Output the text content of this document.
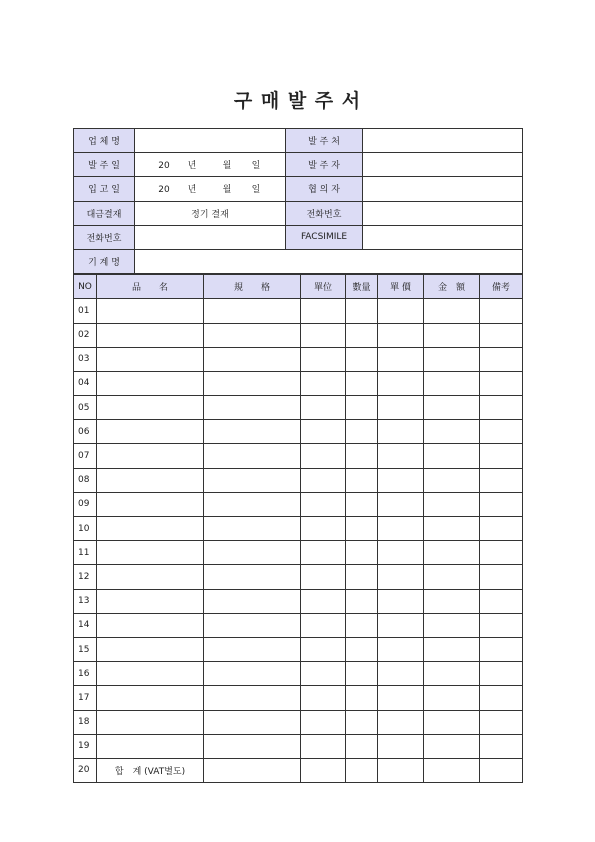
구 매 발 주 서
업 체 명		발 주 처	
발 주 일	20 년 월 일	발 주 자	
입 고 일	20 년 월 일	협 의 자	
대금결재	정기 결재	전화번호	
전화번호		FACSIMILE	
기 계 명			
NO	品　　名	規　　格	單位	數量	單 價	金　額	備考
01							
02							
03							
04							
05							
06							
07							
08							
09							
10							
11							
12							
13							
14							
15							
16							
17							
18							
19							
20	합　계 (VAT별도)						
